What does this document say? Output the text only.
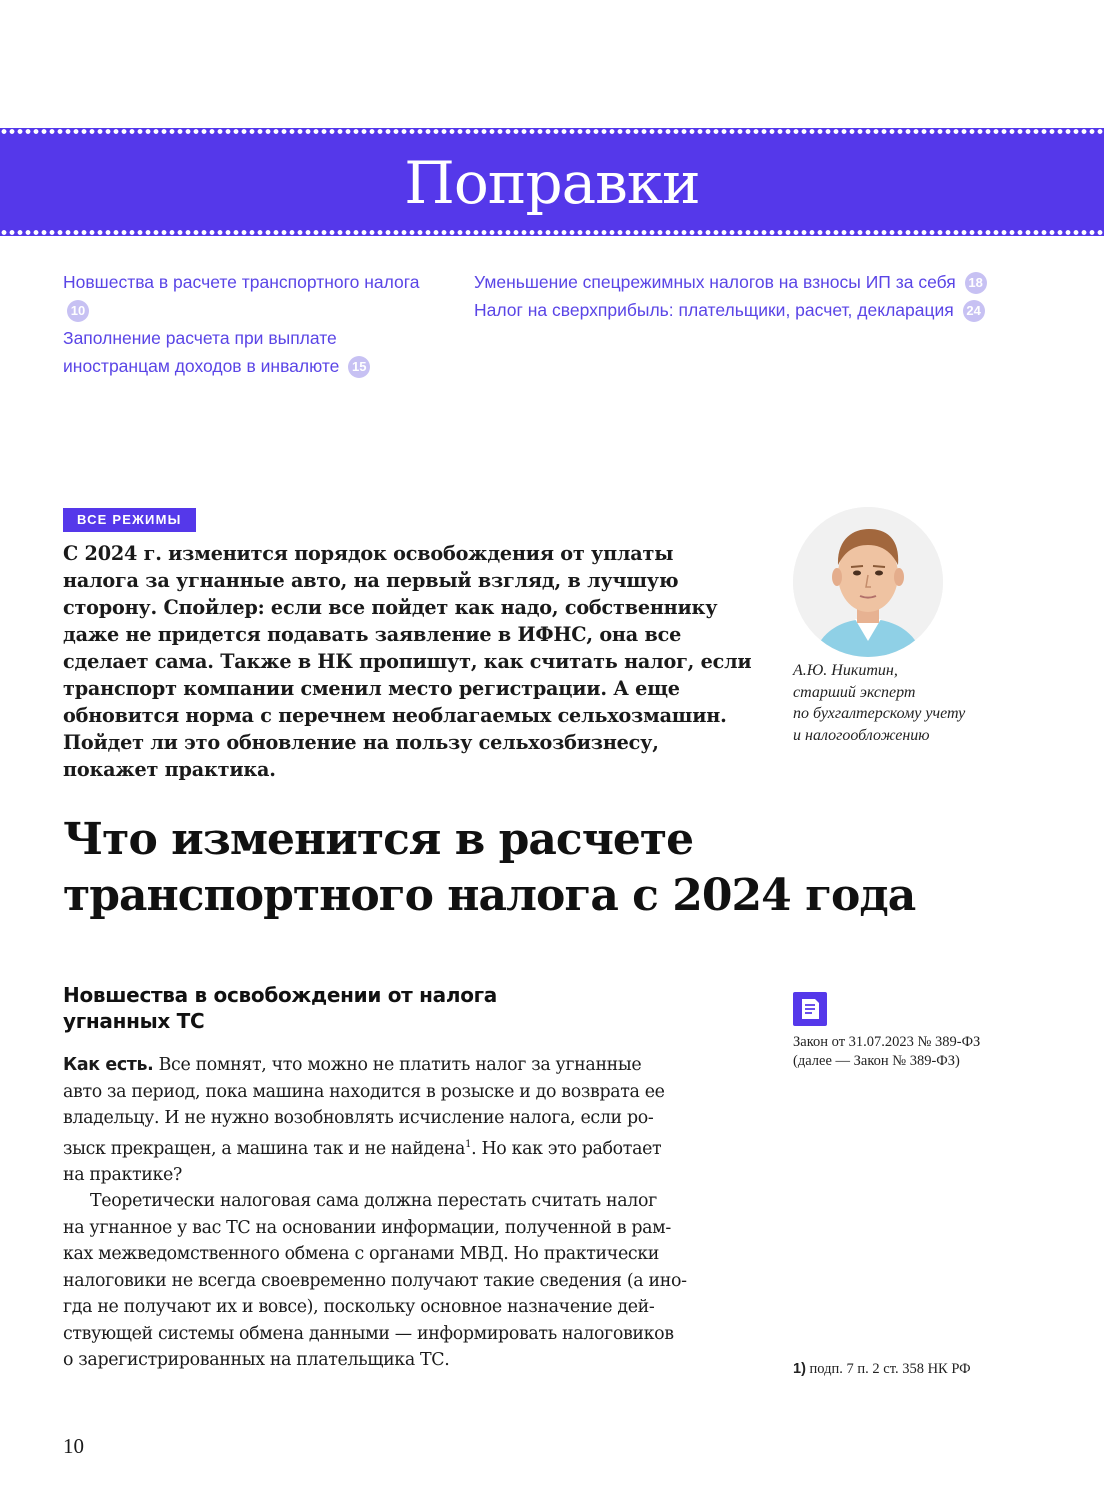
Поправки
Новшества в расчете транспортного налога 10
Заполнение расчета при выплате иностранцам доходов в инвалюте 15
Уменьшение спецрежимных налогов на взносы ИП за себя 18
Налог на сверхприбыль: плательщики, расчет, декларация 24
ВСЕ РЕЖИМЫ

С 2024 г. изменится порядок освобождения от уплаты налога за угнанные авто, на первый взгляд, в лучшую сторону. Спойлер: если все пойдет как надо, собственнику даже не придется подавать заявление в ИФНС, она все сделает сама. Также в НК пропишут, как считать налог, если транспорт компании сменил место регистрации. А еще обновится норма с перечнем необлагаемых сельхозмашин. Пойдет ли это обновление на пользу сельхозбизнесу, покажет практика.

А.Ю. Никитин,
старший эксперт
по бухгалтерскому учету
и налогообложению
Что изменится в расчете
транспортного налога с 2024 года
Новшества в освобождении от налога
угнанных ТС
Как есть. Все помнят, что можно не платить налог за угнанные
авто за период, пока машина находится в розыске и до возврата ее
владельцу. И не нужно возобновлять исчисление налога, если ро-
зыск прекращен, а машина так и не найдена$^1$. Но как это работает
на практике?
Теоретически налоговая сама должна перестать считать налог
на угнанное у вас ТС на основании информации, полученной в рам-
ках межведомственного обмена с органами МВД. Но практически
налоговики не всегда своевременно получают такие сведения (а ино-
гда не получают их и вовсе), поскольку основное назначение дей-
ствующей системы обмена данными — информировать налоговиков
о зарегистрированных на плательщика ТС.
Закон от 31.07.2023 № 389-ФЗ
(далее — Закон № 389-ФЗ)
1) подп. 7 п. 2 ст. 358 НК РФ
10
